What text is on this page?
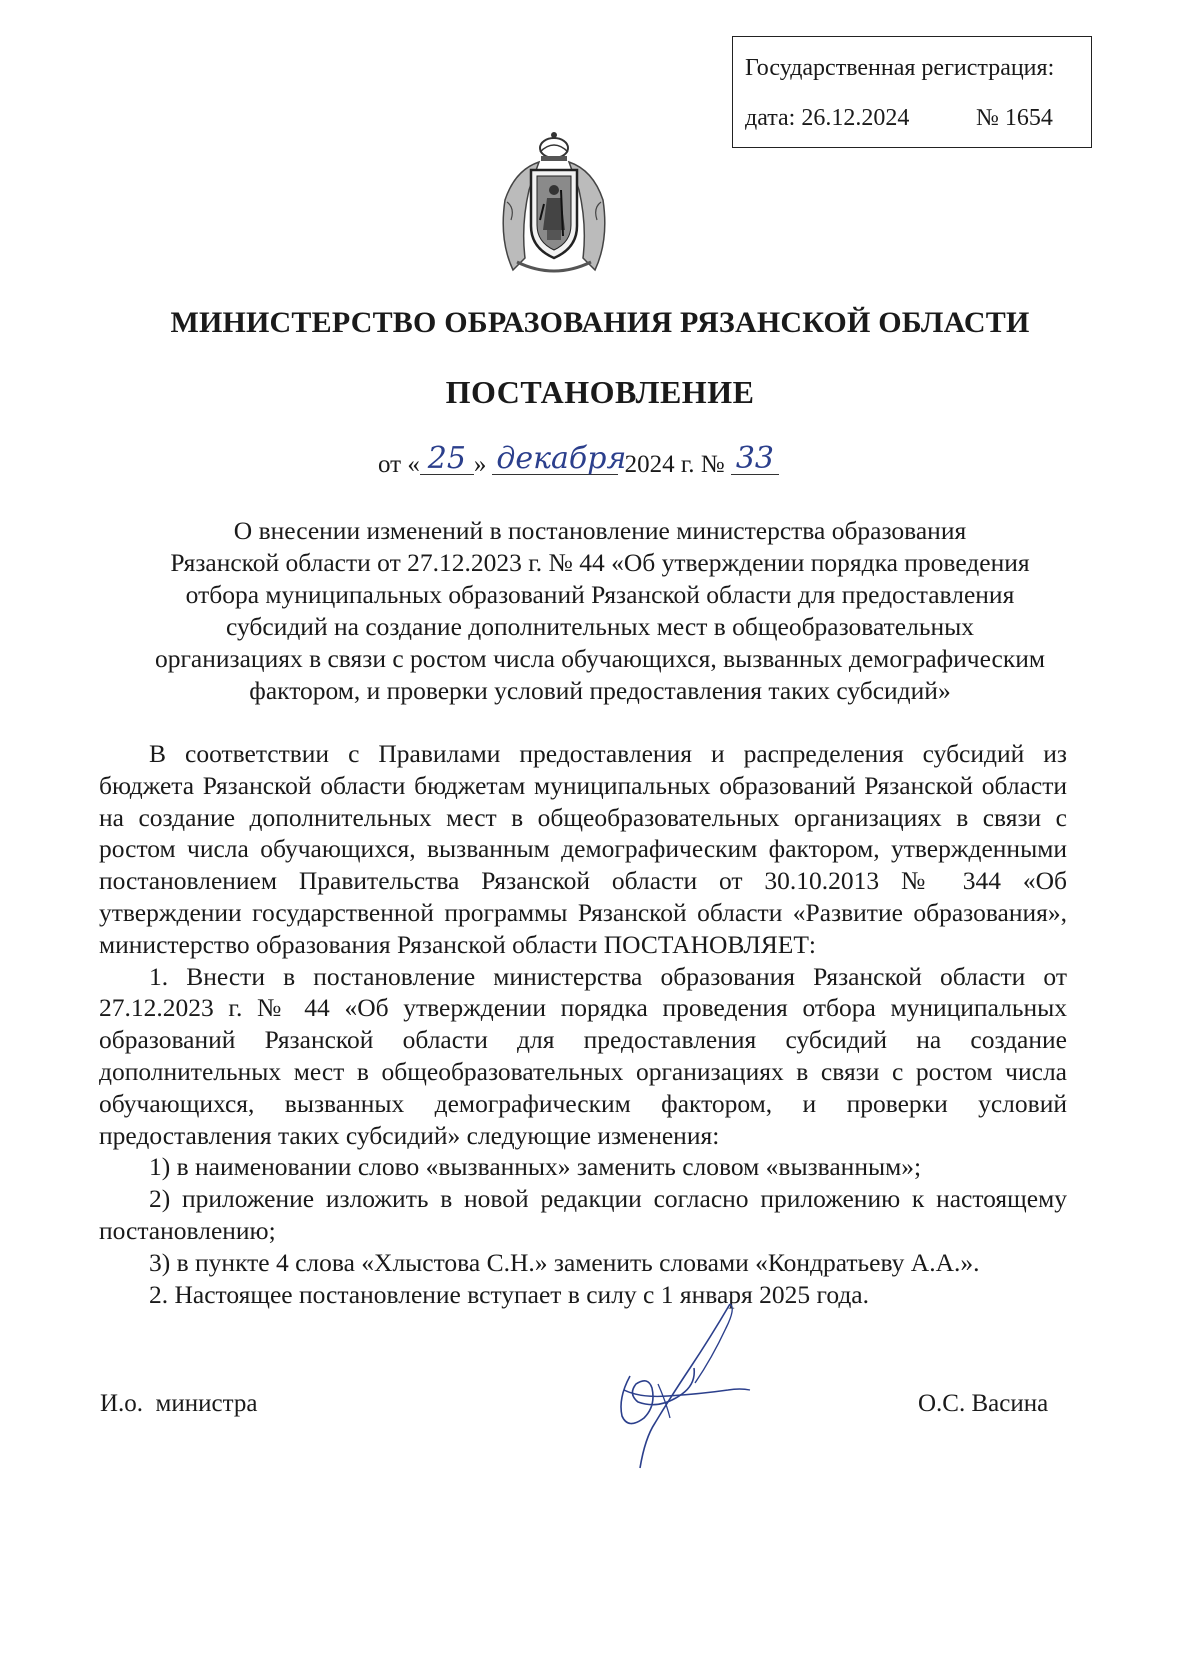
Государственная регистрация:
дата: 26.12.2024	№ 1654
МИНИСТЕРСТВО ОБРАЗОВАНИЯ РЯЗАНСКОЙ ОБЛАСТИ
ПОСТАНОВЛЕНИЕ
от « 25 » декабря 2024 г. № 33
О внесении изменений в постановление министерства образования
Рязанской области от 27.12.2023 г. № 44 «Об утверждении порядка проведения
отбора муниципальных образований Рязанской области для предоставления
субсидий на создание дополнительных мест в общеобразовательных
организациях в связи с ростом числа обучающихся, вызванных демографическим
фактором, и проверки условий предоставления таких субсидий»

В соответствии с Правилами предоставления и распределения субсидий из бюджета Рязанской области бюджетам муниципальных образований Рязанской области на создание дополнительных мест в общеобразовательных организациях в связи с ростом числа обучающихся, вызванным демографическим фактором, утвержденными постановлением Правительства Рязанской области от 30.10.2013 № 344 «Об утверждении государственной программы Рязанской области «Развитие образования», министерство образования Рязанской области ПОСТАНОВЛЯЕТ:

1. Внести в постановление министерства образования Рязанской области от 27.12.2023 г. № 44 «Об утверждении порядка проведения отбора муниципальных образований Рязанской области для предоставления субсидий на создание дополнительных мест в общеобразовательных организациях в связи с ростом числа обучающихся, вызванных демографическим фактором, и проверки условий предоставления таких субсидий» следующие изменения:

1) в наименовании слово «вызванных» заменить словом «вызванным»;

2) приложение изложить в новой редакции согласно приложению к настоящему постановлению;

3) в пункте 4 слова «Хлыстова С.Н.» заменить словами «Кондратьеву А.А.».

2. Настоящее постановление вступает в силу с 1 января 2025 года.

И.о.  министра	О.С. Васина
